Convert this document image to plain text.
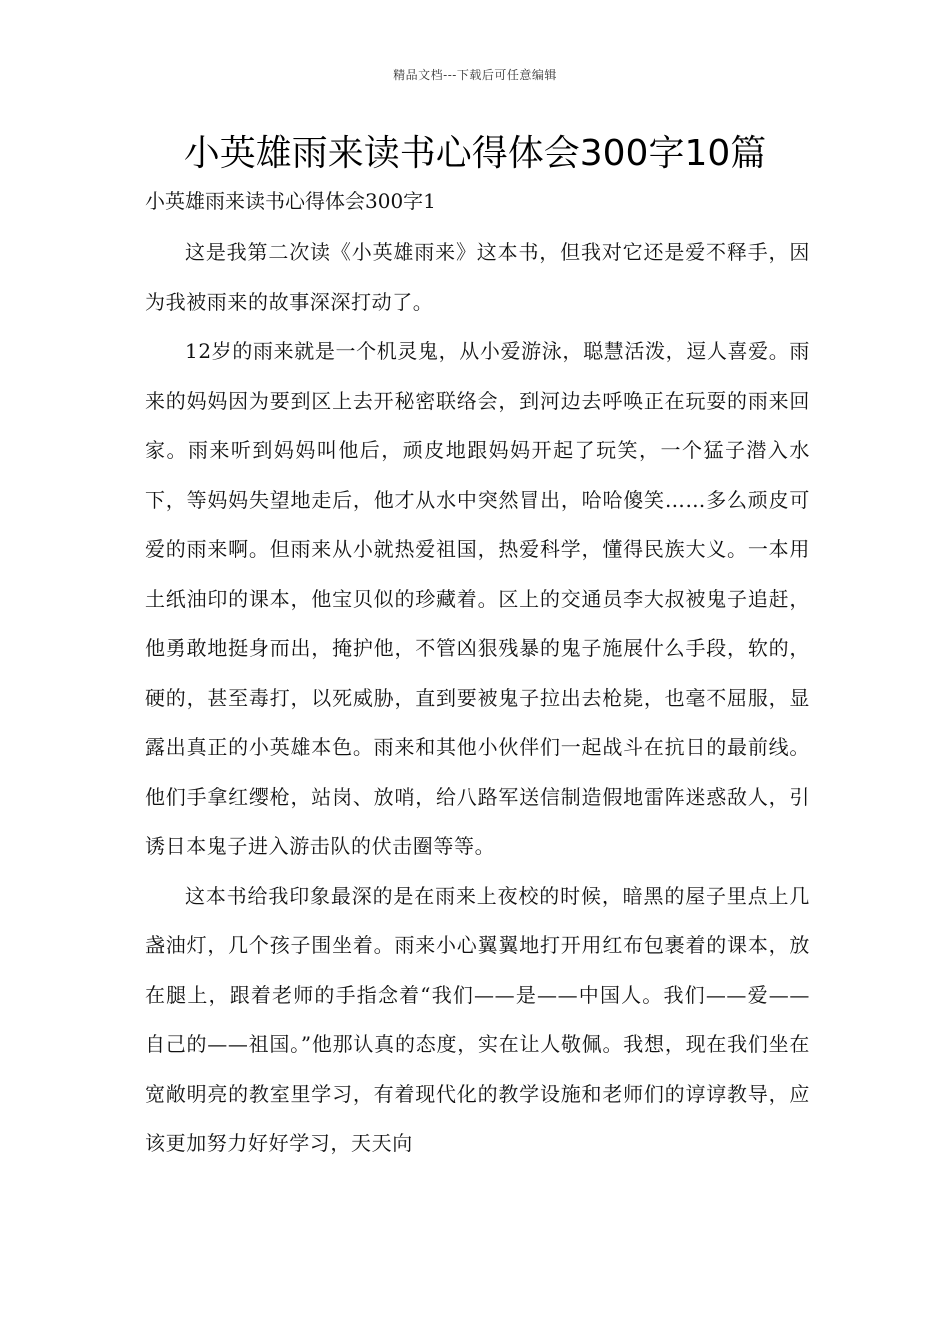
精品文档---下载后可任意编辑
小英雄雨来读书心得体会300字10篇

小英雄雨来读书心得体会300字1

这是我第二次读《小英雄雨来》这本书，但我对它还是爱不释手，因为我被雨来的故事深深打动了。

12岁的雨来就是一个机灵鬼，从小爱游泳，聪慧活泼，逗人喜爱。雨来的妈妈因为要到区上去开秘密联络会，到河边去呼唤正在玩耍的雨来回家。雨来听到妈妈叫他后，顽皮地跟妈妈开起了玩笑，一个猛子潜入水下，等妈妈失望地走后，他才从水中突然冒出，哈哈傻笑……多么顽皮可爱的雨来啊。但雨来从小就热爱祖国，热爱科学，懂得民族大义。一本用土纸油印的课本，他宝贝似的珍藏着。区上的交通员李大叔被鬼子追赶，他勇敢地挺身而出，掩护他，不管凶狠残暴的鬼子施展什么手段，软的，硬的，甚至毒打，以死威胁，直到要被鬼子拉出去枪毙，也毫不屈服，显露出真正的小英雄本色。雨来和其他小伙伴们一起战斗在抗日的最前线。他们手拿红缨枪，站岗、放哨，给八路军送信制造假地雷阵迷惑敌人，引诱日本鬼子进入游击队的伏击圈等等。

这本书给我印象最深的是在雨来上夜校的时候，暗黑的屋子里点上几盏油灯，几个孩子围坐着。雨来小心翼翼地打开用红布包裹着的课本，放在腿上，跟着老师的手指念着“我们——是——中国人。我们——爱——自己的——祖国。”他那认真的态度，实在让人敬佩。我想，现在我们坐在宽敞明亮的教室里学习，有着现代化的教学设施和老师们的谆谆教导，应该更加努力好好学习，天天向
